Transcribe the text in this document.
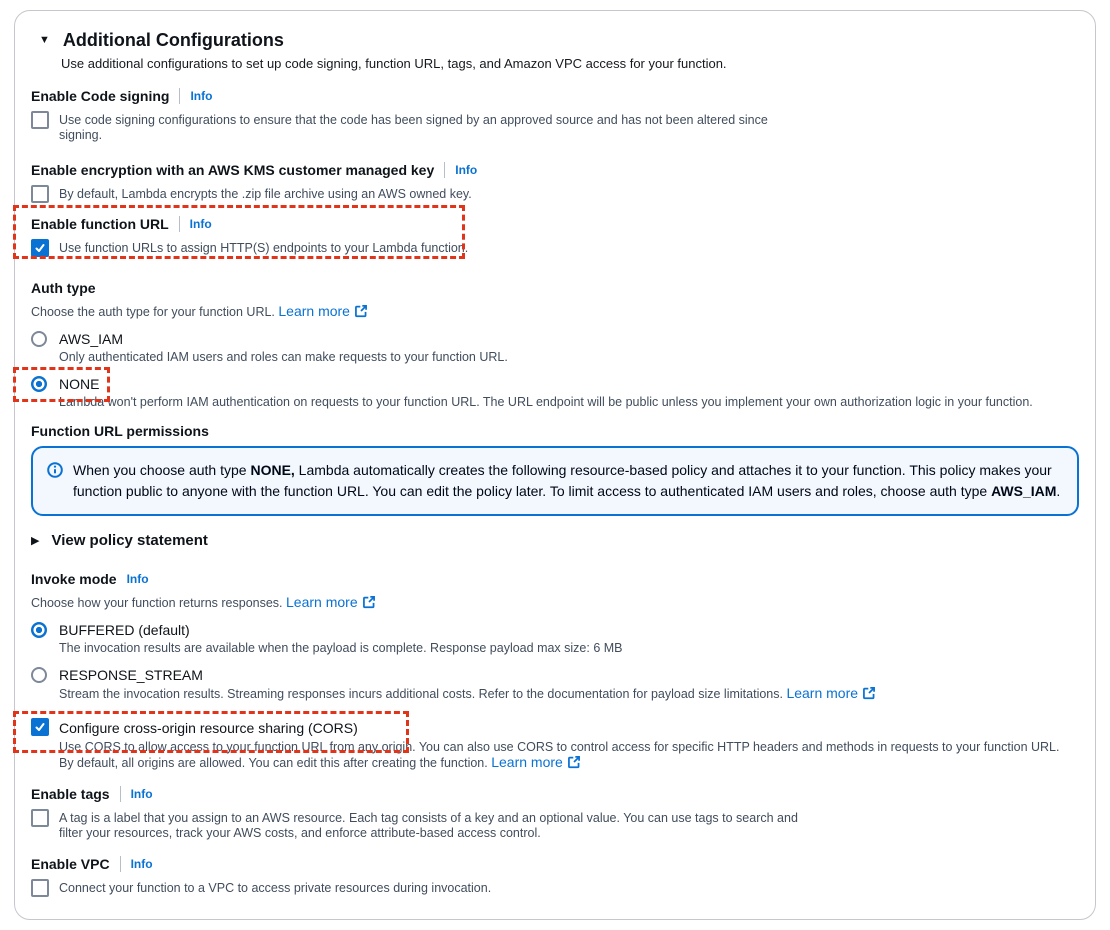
▼ Additional Configurations
Use additional configurations to set up code signing, function URL, tags, and Amazon VPC access for your function.
Enable Code signing Info
Use code signing configurations to ensure that the code has been signed by an approved source and has not been altered since signing.
Enable encryption with an AWS KMS customer managed key Info
By default, Lambda encrypts the .zip file archive using an AWS owned key.
Enable function URL Info
Use function URLs to assign HTTP(S) endpoints to your Lambda function.
Auth type
Choose the auth type for your function URL. Learn more
AWS_IAM
Only authenticated IAM users and roles can make requests to your function URL.
NONE
Lambda won't perform IAM authentication on requests to your function URL. The URL endpoint will be public unless you implement your own authorization logic in your function.
Function URL permissions

When you choose auth type NONE, Lambda automatically creates the following resource-based policy and attaches it to your function. This policy makes your function public to anyone with the function URL. You can edit the policy later. To limit access to authenticated IAM users and roles, choose auth type AWS_IAM.

▶ View policy statement
Invoke mode Info
Choose how your function returns responses. Learn more
BUFFERED (default)
The invocation results are available when the payload is complete. Response payload max size: 6 MB
RESPONSE_STREAM
Stream the invocation results. Streaming responses incurs additional costs. Refer to the documentation for payload size limitations. Learn more
Configure cross-origin resource sharing (CORS)
Use CORS to allow access to your function URL from any origin. You can also use CORS to control access for specific HTTP headers and methods in requests to your function URL. By default, all origins are allowed. You can edit this after creating the function. Learn more
Enable tags Info
A tag is a label that you assign to an AWS resource. Each tag consists of a key and an optional value. You can use tags to search and filter your resources, track your AWS costs, and enforce attribute-based access control.
Enable VPC Info
Connect your function to a VPC to access private resources during invocation.
